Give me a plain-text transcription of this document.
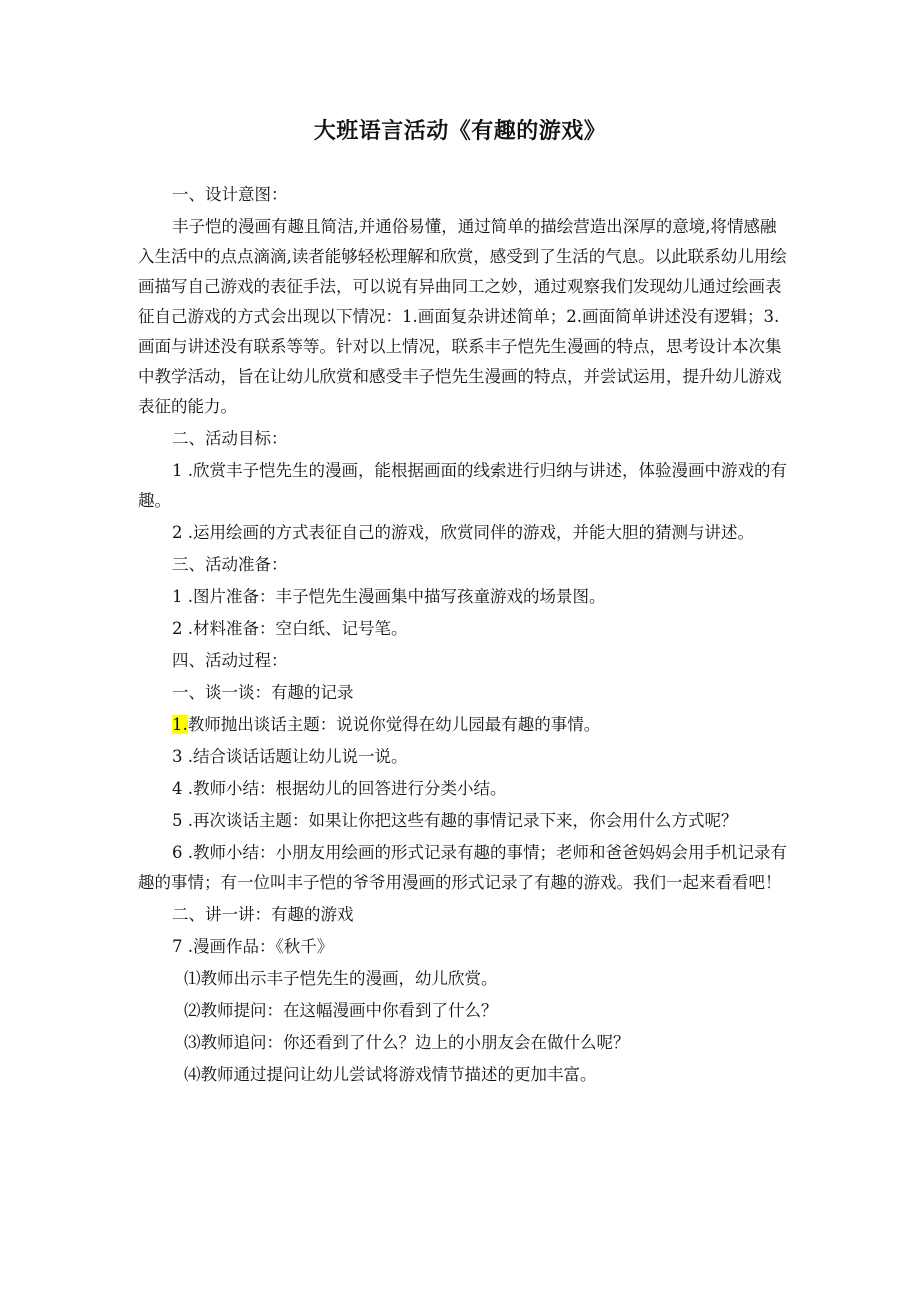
大班语言活动《有趣的游戏》

一、设计意图：

丰子恺的漫画有趣且简洁,并通俗易懂，通过简单的描绘营造出深厚的意境,将情感融入生活中的点点滴滴,读者能够轻松理解和欣赏，感受到了生活的气息。以此联系幼儿用绘画描写自己游戏的表征手法，可以说有异曲同工之妙，通过观察我们发现幼儿通过绘画表征自己游戏的方式会出现以下情况：1.画面复杂讲述简单；2.画面简单讲述没有逻辑；3.画面与讲述没有联系等等。针对以上情况，联系丰子恺先生漫画的特点，思考设计本次集中教学活动，旨在让幼儿欣赏和感受丰子恺先生漫画的特点，并尝试运用，提升幼儿游戏表征的能力。

二、活动目标：

1 .欣赏丰子恺先生的漫画，能根据画面的线索进行归纳与讲述，体验漫画中游戏的有趣。

2 .运用绘画的方式表征自己的游戏，欣赏同伴的游戏，并能大胆的猜测与讲述。

三、活动准备：

1 .图片准备：丰子恺先生漫画集中描写孩童游戏的场景图。

2 .材料准备：空白纸、记号笔。

四、活动过程：

一、谈一谈：有趣的记录

1.教师抛出谈话主题：说说你觉得在幼儿园最有趣的事情。

3 .结合谈话话题让幼儿说一说。

4 .教师小结：根据幼儿的回答进行分类小结。

5 .再次谈话主题：如果让你把这些有趣的事情记录下来，你会用什么方式呢？

6 .教师小结：小朋友用绘画的形式记录有趣的事情；老师和爸爸妈妈会用手机记录有趣的事情；有一位叫丰子恺的爷爷用漫画的形式记录了有趣的游戏。我们一起来看看吧！

二、讲一讲：有趣的游戏

7 .漫画作品：《秋千》

⑴教师出示丰子恺先生的漫画，幼儿欣赏。

⑵教师提问：在这幅漫画中你看到了什么？

⑶教师追问：你还看到了什么？边上的小朋友会在做什么呢？

⑷教师通过提问让幼儿尝试将游戏情节描述的更加丰富。
